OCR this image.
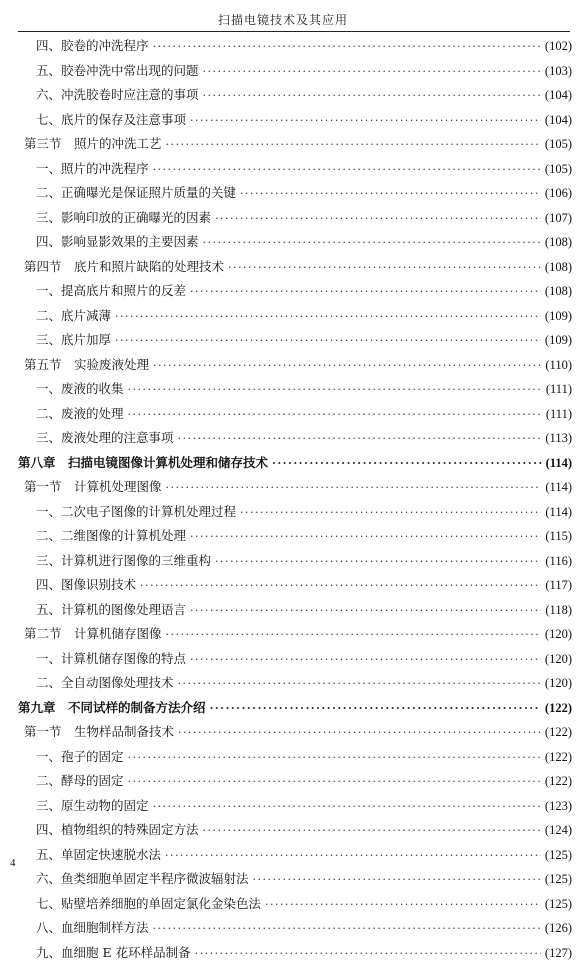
扫描电镜技术及其应用
四、胶卷的冲洗程序 ·····	(102)
五、胶卷冲洗中常出现的问题 ·····	(103)
六、冲洗胶卷时应注意的事项 ·····	(104)
七、底片的保存及注意事项 ·····	(104)
第三节　照片的冲洗工艺 ·····	(105)
一、照片的冲洗程序 ·····	(105)
二、正确曝光是保证照片质量的关键 ·····	(106)
三、影响印放的正确曝光的因素 ·····	(107)
四、影响显影效果的主要因素 ·····	(108)
第四节　底片和照片缺陷的处理技术 ·····	(108)
一、提高底片和照片的反差 ·····	(108)
二、底片减薄 ·····	(109)
三、底片加厚 ·····	(109)
第五节　实验废液处理 ·····	(110)
一、废液的收集 ·····	(111)
二、废液的处理 ·····	(111)
三、废液处理的注意事项 ·····	(113)
第八章　扫描电镜图像计算机处理和储存技术 ·····	(114)
第一节　计算机处理图像 ·····	(114)
一、二次电子图像的计算机处理过程 ·····	(114)
二、二维图像的计算机处理 ·····	(115)
三、计算机进行图像的三维重构 ·····	(116)
四、图像识别技术 ·····	(117)
五、计算机的图像处理语言 ·····	(118)
第二节　计算机储存图像 ·····	(120)
一、计算机储存图像的特点 ·····	(120)
二、全自动图像处理技术 ·····	(120)
第九章　不同试样的制备方法介绍 ·····	(122)
第一节　生物样品制备技术 ·····	(122)
一、孢子的固定 ·····	(122)
二、酵母的固定 ·····	(122)
三、原生动物的固定 ·····	(123)
四、植物组织的特殊固定方法 ·····	(124)
五、单固定快速脱水法 ·····	(125)
六、鱼类细胞单固定半程序微波辐射法 ·····	(125)
七、贴壁培养细胞的单固定氯化金染色法 ·····	(125)
八、血细胞制样方法 ·····	(126)
九、血细胞 E 花环样品制备 ·····	(127)
4
